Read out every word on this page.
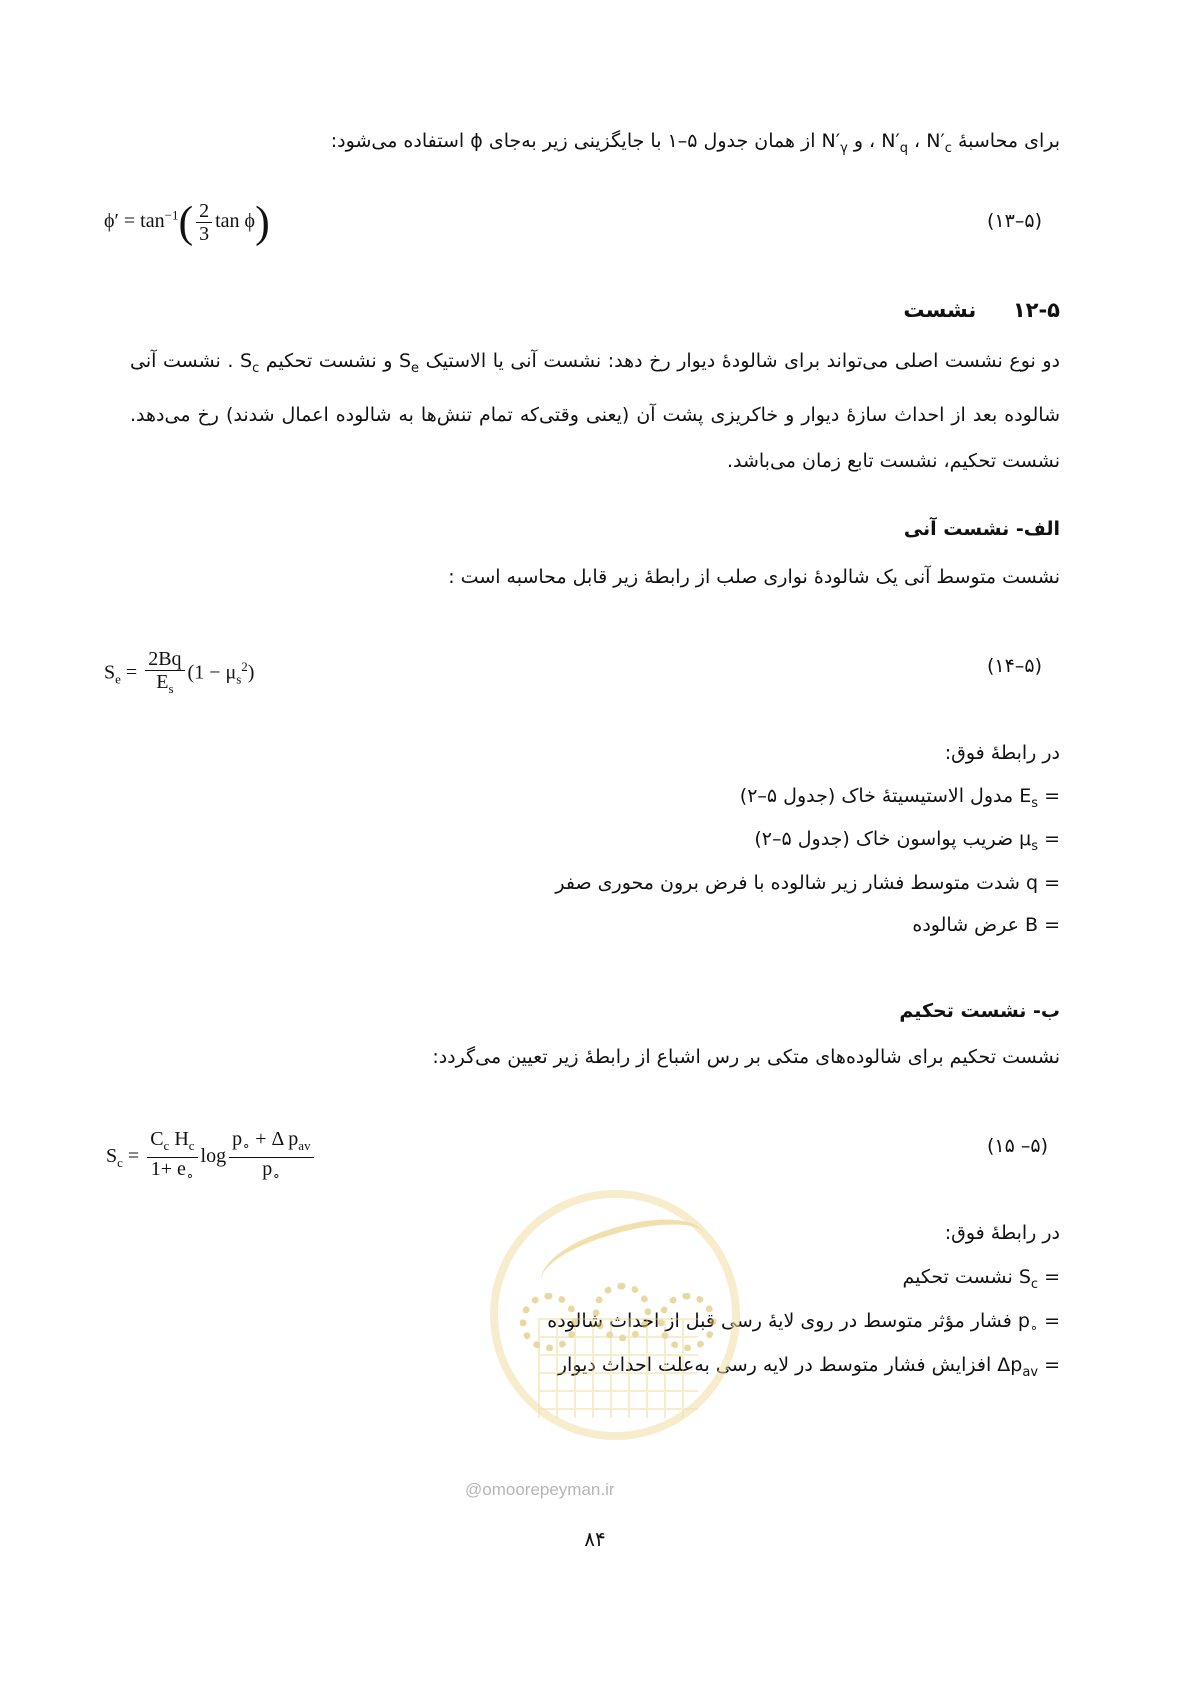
برای محاسبهٔ $N'_c$ ، $N'_q$ ، و $N'_\gamma$ از همان جدول ۵–۱ با جایگزینی زیر به‌جای ϕ استفاده می‌شود:
$\phi' = \tan^{-1}( \frac{2}{3}$ tan ϕ)	(۵–۱۳)
۱۲-۵     نشست
دو نوع نشست اصلی می‌تواند برای شالودهٔ دیوار رخ دهد: نشست آنی یا الاستیک $S_e$ و نشست تحکیم $S_c$ . نشست آنی شالوده بعد از احداث سازهٔ دیوار و خاکریزی پشت آن (یعنی وقتی‌که تمام تنش‌ها به شالوده اعمال شدند) رخ می‌دهد. نشست تحکیم، نشست تابع زمان می‌باشد.
الف- نشست آنی
نشست متوسط آنی یک شالودهٔ نواری صلب از رابطهٔ زیر قابل محاسبه است :
$S_e = \frac{2Bq}{E_s} (1 - \mu_s^2)$	(۵–۱۴)
در رابطهٔ فوق:
$E_s$ = مدول الاستیسیتهٔ خاک (جدول ۵–۲)
$\mu_s$ = ضریب پواسون خاک (جدول ۵–۲)
q = شدت متوسط فشار زیر شالوده با فرض برون محوری صفر
B = عرض شالوده
ب- نشست تحکیم
نشست تحکیم برای شالوده‌های متکی بر رس اشباع از رابطهٔ زیر تعیین می‌گردد:
$S_c = \frac{C_c H_c}{1+ e_\circ}$ $\log \frac{p_\circ + \Delta p_{av}}{p_\circ}$	(۵– ۱۵)
در رابطهٔ فوق:
$S_c$ = نشست تحکیم
$p_\circ$ = فشار مؤثر متوسط در روی لایهٔ رسی قبل از احداث شالوده
$\Delta p_{av}$ = افزایش فشار متوسط در لایه رسی به‌علت احداث دیوار
@omoorepeyman.ir
۸۴
